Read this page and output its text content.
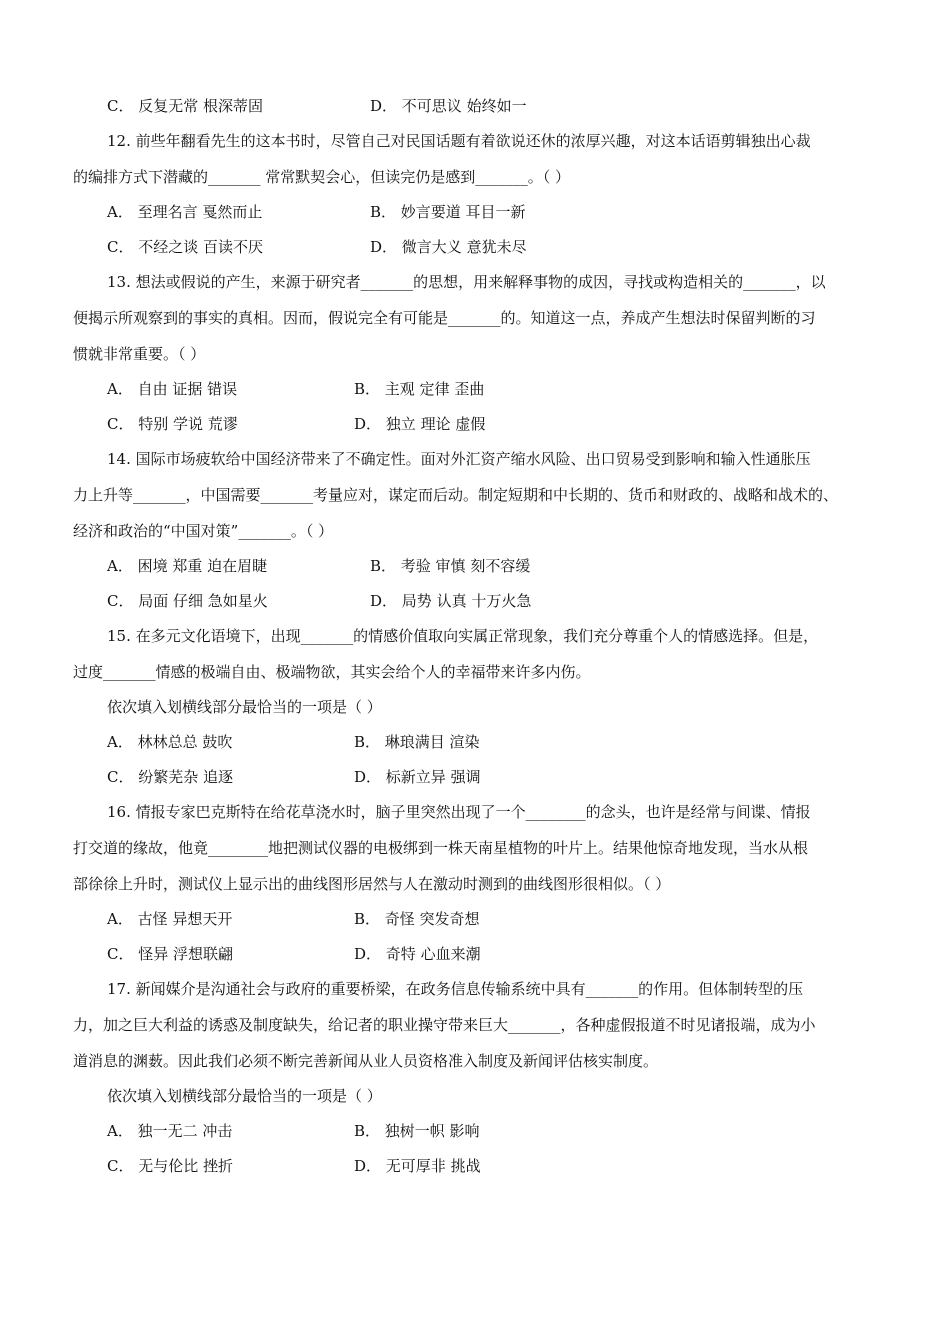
C． 反复无常 根深蒂固	D． 不可思议 始终如一
12. 前些年翻看先生的这本书时，尽管自己对民国话题有着欲说还休的浓厚兴趣，对这本话语剪辑独出心裁
的编排方式下潜藏的_______ 常常默契会心，但读完仍是感到_______。（ ）
A． 至理名言 戛然而止	B． 妙言要道 耳目一新
C． 不经之谈 百读不厌	D． 微言大义 意犹未尽
13. 想法或假说的产生，来源于研究者_______的思想，用来解释事物的成因，寻找或构造相关的_______，以
便揭示所观察到的事实的真相。因而，假说完全有可能是_______的。知道这一点，养成产生想法时保留判断的习
惯就非常重要。（ ）
A． 自由 证据 错误	B． 主观 定律 歪曲
C． 特别 学说 荒谬	D． 独立 理论 虚假
14. 国际市场疲软给中国经济带来了不确定性。面对外汇资产缩水风险、出口贸易受到影响和输入性通胀压
力上升等_______，中国需要_______考量应对，谋定而后动。制定短期和中长期的、货币和财政的、战略和战术的、
经济和政治的“中国对策”_______。（ ）
A． 困境 郑重 迫在眉睫	B． 考验 审慎 刻不容缓
C． 局面 仔细 急如星火	D． 局势 认真 十万火急
15. 在多元文化语境下，出现_______的情感价值取向实属正常现象，我们充分尊重个人的情感选择。但是，
过度_______情感的极端自由、极端物欲，其实会给个人的幸福带来许多内伤。
依次填入划横线部分最恰当的一项是（ ）
A． 林林总总 鼓吹	B． 琳琅满目 渲染
C． 纷繁芜杂 追逐	D． 标新立异 强调
16. 情报专家巴克斯特在给花草浇水时，脑子里突然出现了一个________的念头，也许是经常与间谍、情报
打交道的缘故，他竟________地把测试仪器的电极绑到一株天南星植物的叶片上。结果他惊奇地发现，当水从根
部徐徐上升时，测试仪上显示出的曲线图形居然与人在激动时测到的曲线图形很相似。（ ）
A． 古怪 异想天开	B． 奇怪 突发奇想
C． 怪异 浮想联翩	D． 奇特 心血来潮
17. 新闻媒介是沟通社会与政府的重要桥梁，在政务信息传输系统中具有_______的作用。但体制转型的压
力，加之巨大利益的诱惑及制度缺失，给记者的职业操守带来巨大_______，各种虚假报道不时见诸报端，成为小
道消息的渊薮。因此我们必须不断完善新闻从业人员资格准入制度及新闻评估核实制度。
依次填入划横线部分最恰当的一项是（ ）
A． 独一无二 冲击	B． 独树一帜 影响
C． 无与伦比 挫折	D． 无可厚非 挑战
